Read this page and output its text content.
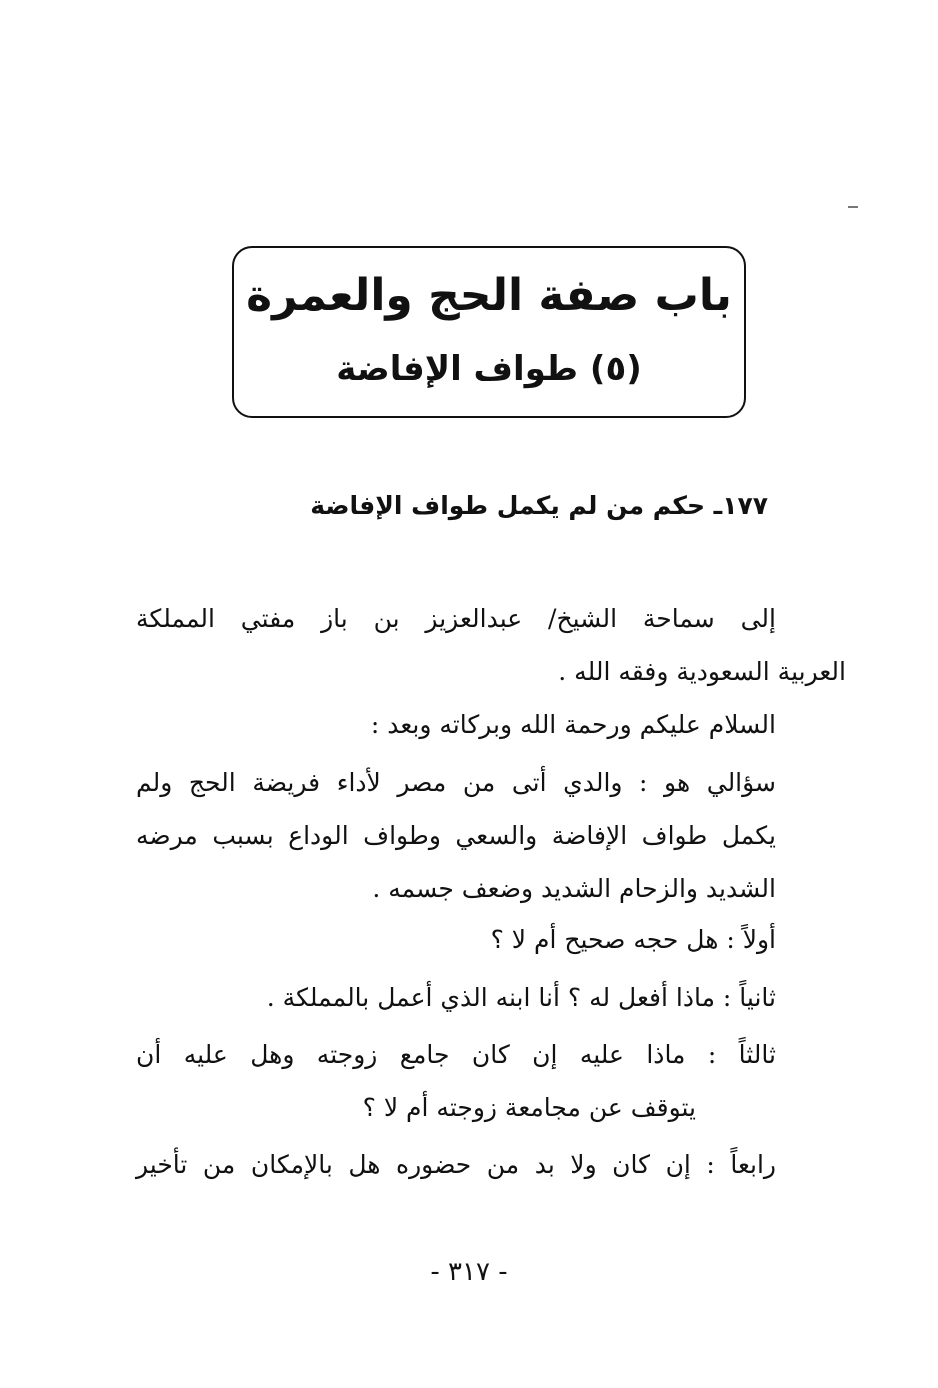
باب صفة الحج والعمرة
(٥) طواف الإفاضة
١٧٧ـ حكم من لم يكمل طواف الإفاضة
إلى سماحة الشيخ/ عبدالعزيز بن باز مفتي المملكة
العربية السعودية وفقه الله .
السلام عليكم ورحمة الله وبركاته وبعد :
سؤالي هو : والدي أتى من مصر لأداء فريضة الحج ولم
يكمل طواف الإفاضة والسعي وطواف الوداع بسبب مرضه
الشديد والزحام الشديد وضعف جسمه .
أولاً : هل حجه صحيح أم لا ؟
ثانياً : ماذا أفعل له ؟ أنا ابنه الذي أعمل بالمملكة .
ثالثاً : ماذا عليه إن كان جامع زوجته وهل عليه أن
يتوقف عن مجامعة زوجته أم لا ؟
رابعاً : إن كان ولا بد من حضوره هل بالإمكان من تأخير
- ٣١٧ -
